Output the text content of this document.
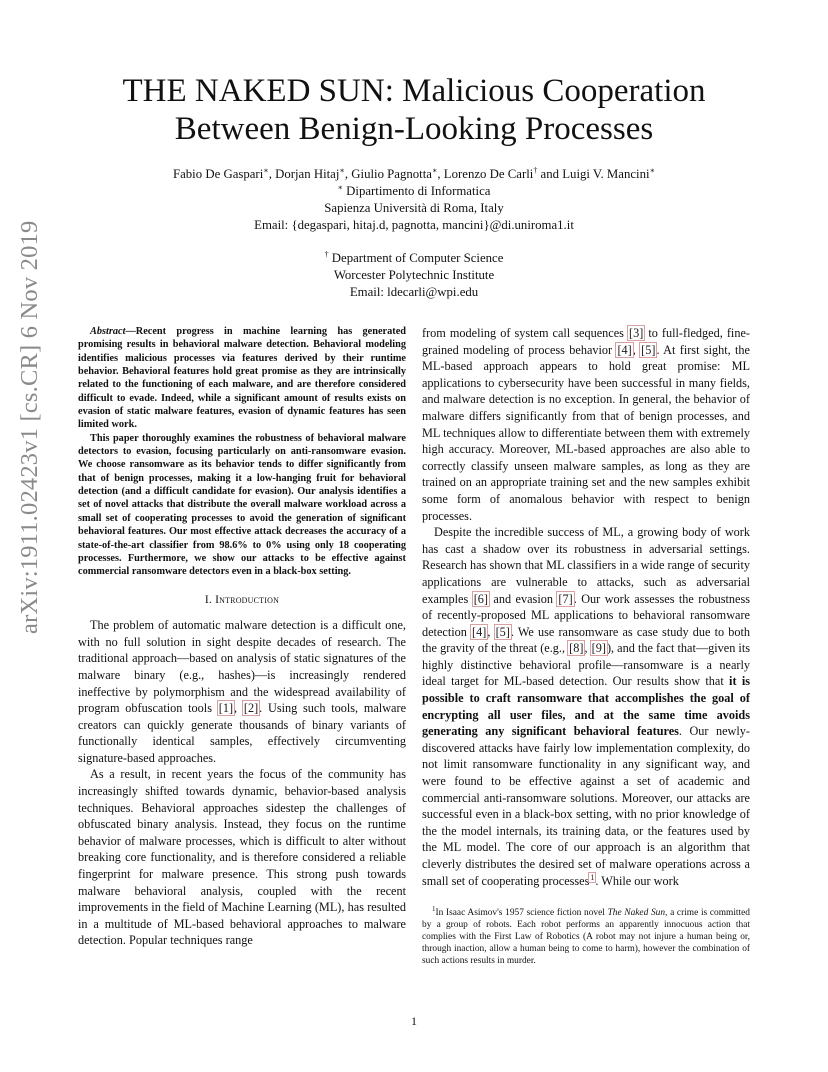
arXiv:1911.02423v1 [cs.CR] 6 Nov 2019
THE NAKED SUN: Malicious Cooperation
Between Benign-Looking Processes
Fabio De Gaspari∗, Dorjan Hitaj∗, Giulio Pagnotta∗, Lorenzo De Carli† and Luigi V. Mancini∗
∗ Dipartimento di Informatica
Sapienza Università di Roma, Italy
Email: {degaspari, hitaj.d, pagnotta, mancini}@di.uniroma1.it
† Department of Computer Science
Worcester Polytechnic Institute
Email: ldecarli@wpi.edu

Abstract—Recent progress in machine learning has generated promising results in behavioral malware detection. Behavioral modeling identifies malicious processes via features derived by their runtime behavior. Behavioral features hold great promise as they are intrinsically related to the functioning of each malware, and are therefore considered difficult to evade. Indeed, while a significant amount of results exists on evasion of static malware features, evasion of dynamic features has seen limited work.

This paper thoroughly examines the robustness of behavioral malware detectors to evasion, focusing particularly on anti-ransomware evasion. We choose ransomware as its behavior tends to differ significantly from that of benign processes, making it a low-hanging fruit for behavioral detection (and a difficult candidate for evasion). Our analysis identifies a set of novel attacks that distribute the overall malware workload across a small set of cooperating processes to avoid the generation of significant behavioral features. Our most effective attack decreases the accuracy of a state-of-the-art classifier from 98.6% to 0% using only 18 cooperating processes. Furthermore, we show our attacks to be effective against commercial ransomware detectors even in a black-box setting.

I. Introduction

The problem of automatic malware detection is a difficult one, with no full solution in sight despite decades of research. The traditional approach—based on analysis of static signatures of the malware binary (e.g., hashes)—is increasingly rendered ineffective by polymorphism and the widespread availability of program obfuscation tools [1], [2]. Using such tools, malware creators can quickly generate thousands of binary variants of functionally identical samples, effectively circumventing signature-based approaches.

As a result, in recent years the focus of the community has increasingly shifted towards dynamic, behavior-based analysis techniques. Behavioral approaches sidestep the challenges of obfuscated binary analysis. Instead, they focus on the runtime behavior of malware processes, which is difficult to alter without breaking core functionality, and is therefore considered a reliable fingerprint for malware presence. This strong push towards malware behavioral analysis, coupled with the recent improvements in the field of Machine Learning (ML), has resulted in a multitude of ML-based behavioral approaches to malware detection. Popular techniques range

from modeling of system call sequences [3] to full-fledged, fine-grained modeling of process behavior [4], [5]. At first sight, the ML-based approach appears to hold great promise: ML applications to cybersecurity have been successful in many fields, and malware detection is no exception. In general, the behavior of malware differs significantly from that of benign processes, and ML techniques allow to differentiate between them with extremely high accuracy. Moreover, ML-based approaches are also able to correctly classify unseen malware samples, as long as they are trained on an appropriate training set and the new samples exhibit some form of anomalous behavior with respect to benign processes.

Despite the incredible success of ML, a growing body of work has cast a shadow over its robustness in adversarial settings. Research has shown that ML classifiers in a wide range of security applications are vulnerable to attacks, such as adversarial examples [6] and evasion [7]. Our work assesses the robustness of recently-proposed ML applications to behavioral ransomware detection [4], [5]. We use ransomware as case study due to both the gravity of the threat (e.g., [8], [9]), and the fact that—given its highly distinctive behavioral profile—ransomware is a nearly ideal target for ML-based detection. Our results show that it is possible to craft ransomware that accomplishes the goal of encrypting all user files, and at the same time avoids generating any significant behavioral features. Our newly-discovered attacks have fairly low implementation complexity, do not limit ransomware functionality in any significant way, and were found to be effective against a set of academic and commercial anti-ransomware solutions. Moreover, our attacks are successful even in a black-box setting, with no prior knowledge of the the model internals, its training data, or the features used by the ML model. The core of our approach is an algorithm that cleverly distributes the desired set of malware operations across a small set of cooperating processes$^1$. While our work

$^1$In Isaac Asimov's 1957 science fiction novel The Naked Sun, a crime is committed by a group of robots. Each robot performs an apparently innocuous action that complies with the First Law of Robotics (A robot may not injure a human being or, through inaction, allow a human being to come to harm), however the combination of such actions results in murder.

1
